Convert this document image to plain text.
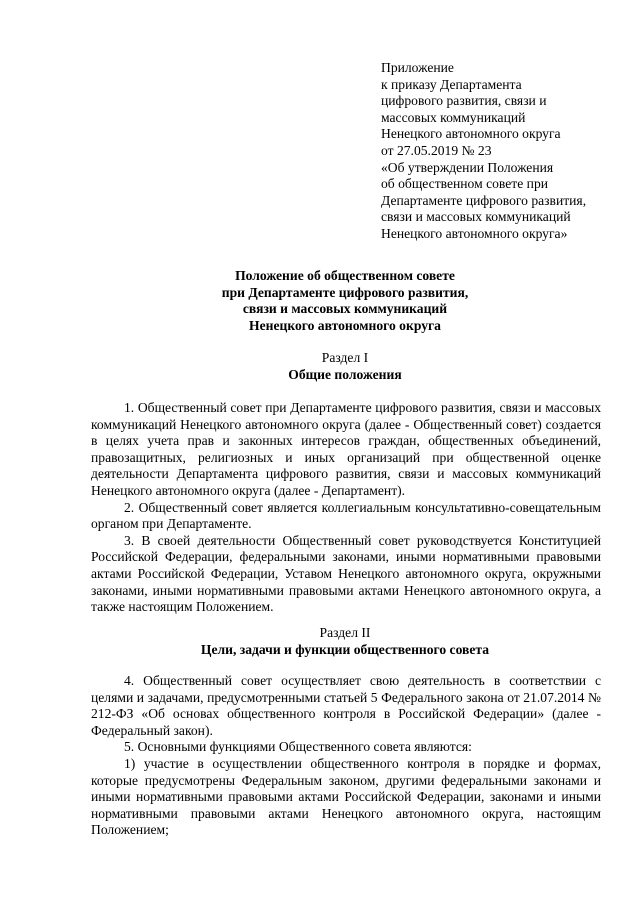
Приложение
к приказу Департамента
цифрового развития, связи и
массовых коммуникаций
Ненецкого автономного округа
от 27.05.2019 № 23
«Об утверждении Положения
об общественном совете при
Департаменте цифрового развития,
связи и массовых коммуникаций
Ненецкого автономного округа»
Положение об общественном совете
при Департаменте цифрового развития,
связи и массовых коммуникаций
Ненецкого автономного округа
Раздел I
Общие положения

1. Общественный совет при Департаменте цифрового развития, связи и массовых коммуникаций Ненецкого автономного округа (далее - Общественный совет) создается в целях учета прав и законных интересов граждан, общественных объединений, правозащитных, религиозных и иных организаций при общественной оценке деятельности Департамента цифрового развития, связи и массовых коммуникаций Ненецкого автономного округа (далее - Департамент).

2. Общественный совет является коллегиальным консультативно-совещательным органом при Департаменте.

3. В своей деятельности Общественный совет руководствуется Конституцией Российской Федерации, федеральными законами, иными нормативными правовыми актами Российской Федерации, Уставом Ненецкого автономного округа, окружными законами, иными нормативными правовыми актами Ненецкого автономного округа, а также настоящим Положением.

Раздел II
Цели, задачи и функции общественного совета

4. Общественный совет осуществляет свою деятельность в соответствии с целями и задачами, предусмотренными статьей 5 Федерального закона от 21.07.2014 № 212-ФЗ «Об основах общественного контроля в Российской Федерации» (далее - Федеральный закон).

5. Основными функциями Общественного совета являются:

1) участие в осуществлении общественного контроля в порядке и формах, которые предусмотрены Федеральным законом, другими федеральными законами и иными нормативными правовыми актами Российской Федерации, законами и иными нормативными правовыми актами Ненецкого автономного округа, настоящим Положением;
